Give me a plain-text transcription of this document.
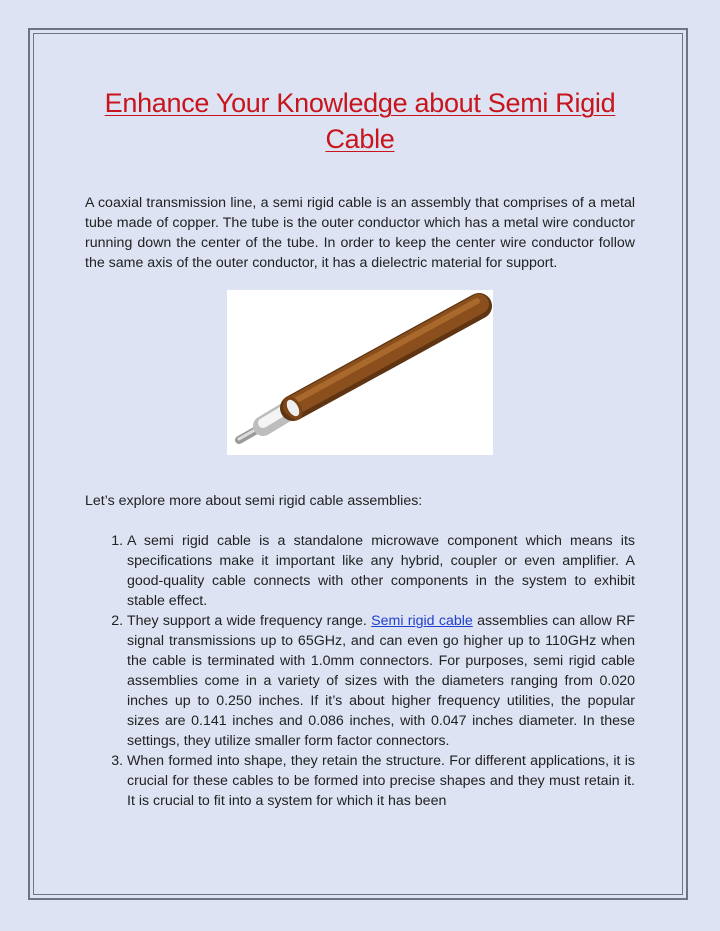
Enhance Your Knowledge about Semi Rigid
Cable

A coaxial transmission line, a semi rigid cable is an assembly that comprises of a metal tube made of copper. The tube is the outer conductor which has a metal wire conductor running down the center of the tube. In order to keep the center wire conductor follow the same axis of the outer conductor, it has a dielectric material for support.

Let’s explore more about semi rigid cable assemblies:

1. A semi rigid cable is a standalone microwave component which means its specifications make it important like any hybrid, coupler or even amplifier. A good-quality cable connects with other components in the system to exhibit stable effect.
2. They support a wide frequency range. Semi rigid cable assemblies can allow RF signal transmissions up to 65GHz, and can even go higher up to 110GHz when the cable is terminated with 1.0mm connectors. For purposes, semi rigid cable assemblies come in a variety of sizes with the diameters ranging from 0.020 inches up to 0.250 inches. If it’s about higher frequency utilities, the popular sizes are 0.141 inches and 0.086 inches, with 0.047 inches diameter. In these settings, they utilize smaller form factor connectors.
3. When formed into shape, they retain the structure. For different applications, it is crucial for these cables to be formed into precise shapes and they must retain it. It is crucial to fit into a system for which it has been
